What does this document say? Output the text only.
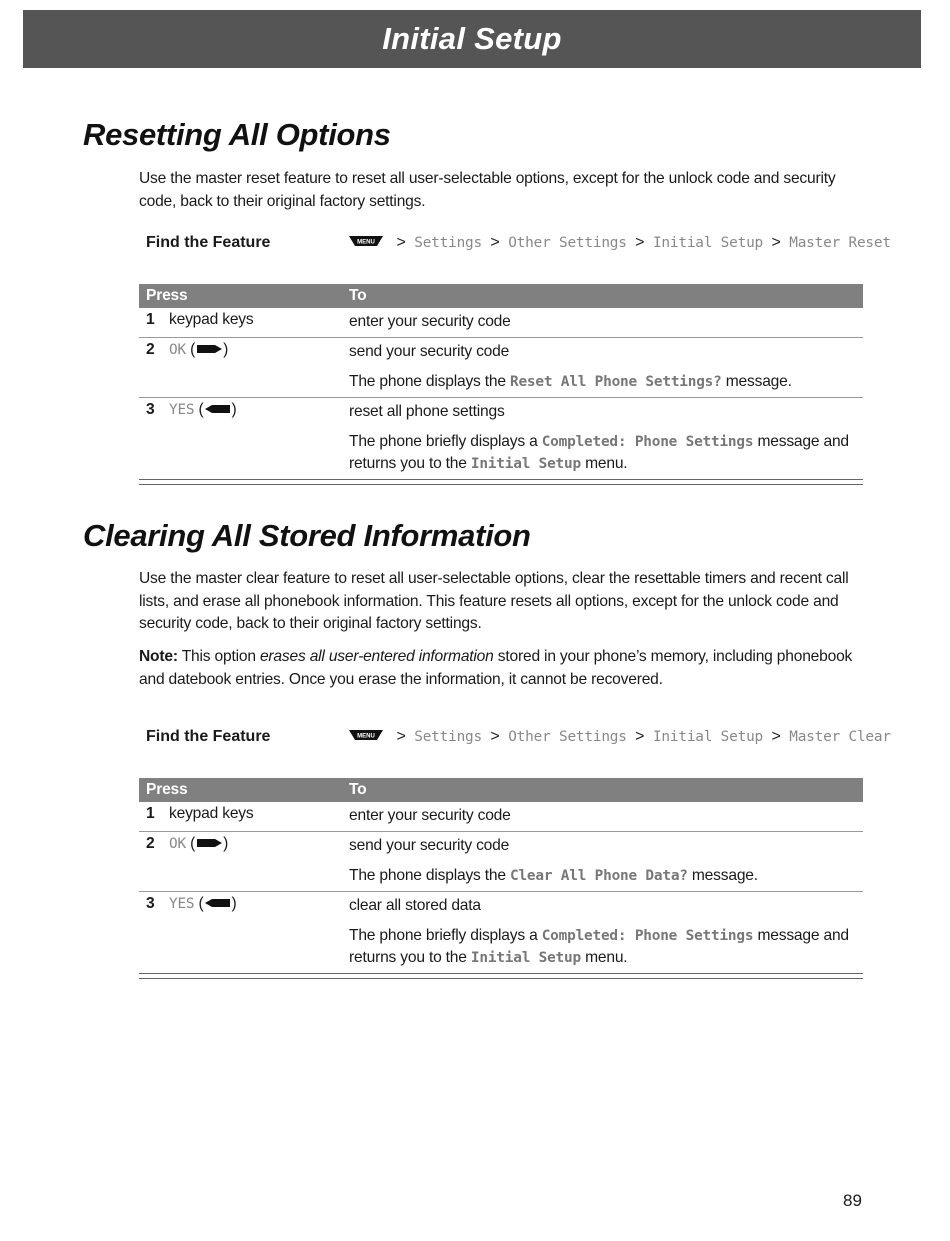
Initial Setup
Resetting All Options
Use the master reset feature to reset all user-selectable options, except for the unlock code and security code, back to their original factory settings.
Find the Feature	MENU > Settings > Other Settings > Initial Setup > Master Reset
Press	To
1 keypad keys	enter your security code

2 OK ( )	send your security code

The phone displays the Reset All Phone Settings? message.

3 YES ( )	reset all phone settings

The phone briefly displays a Completed: Phone Settings message and returns you to the Initial Setup menu.

Clearing All Stored Information
Use the master clear feature to reset all user-selectable options, clear the resettable timers and recent call lists, and erase all phonebook information. This feature resets all options, except for the unlock code and security code, back to their original factory settings.
Note: This option erases all user-entered information stored in your phone’s memory, including phonebook and datebook entries. Once you erase the information, it cannot be recovered.
Find the Feature	MENU > Settings > Other Settings > Initial Setup > Master Clear
Press	To
1 keypad keys	enter your security code

2 OK ( )	send your security code

The phone displays the Clear All Phone Data? message.

3 YES ( )	clear all stored data

The phone briefly displays a Completed: Phone Settings message and returns you to the Initial Setup menu.

89
